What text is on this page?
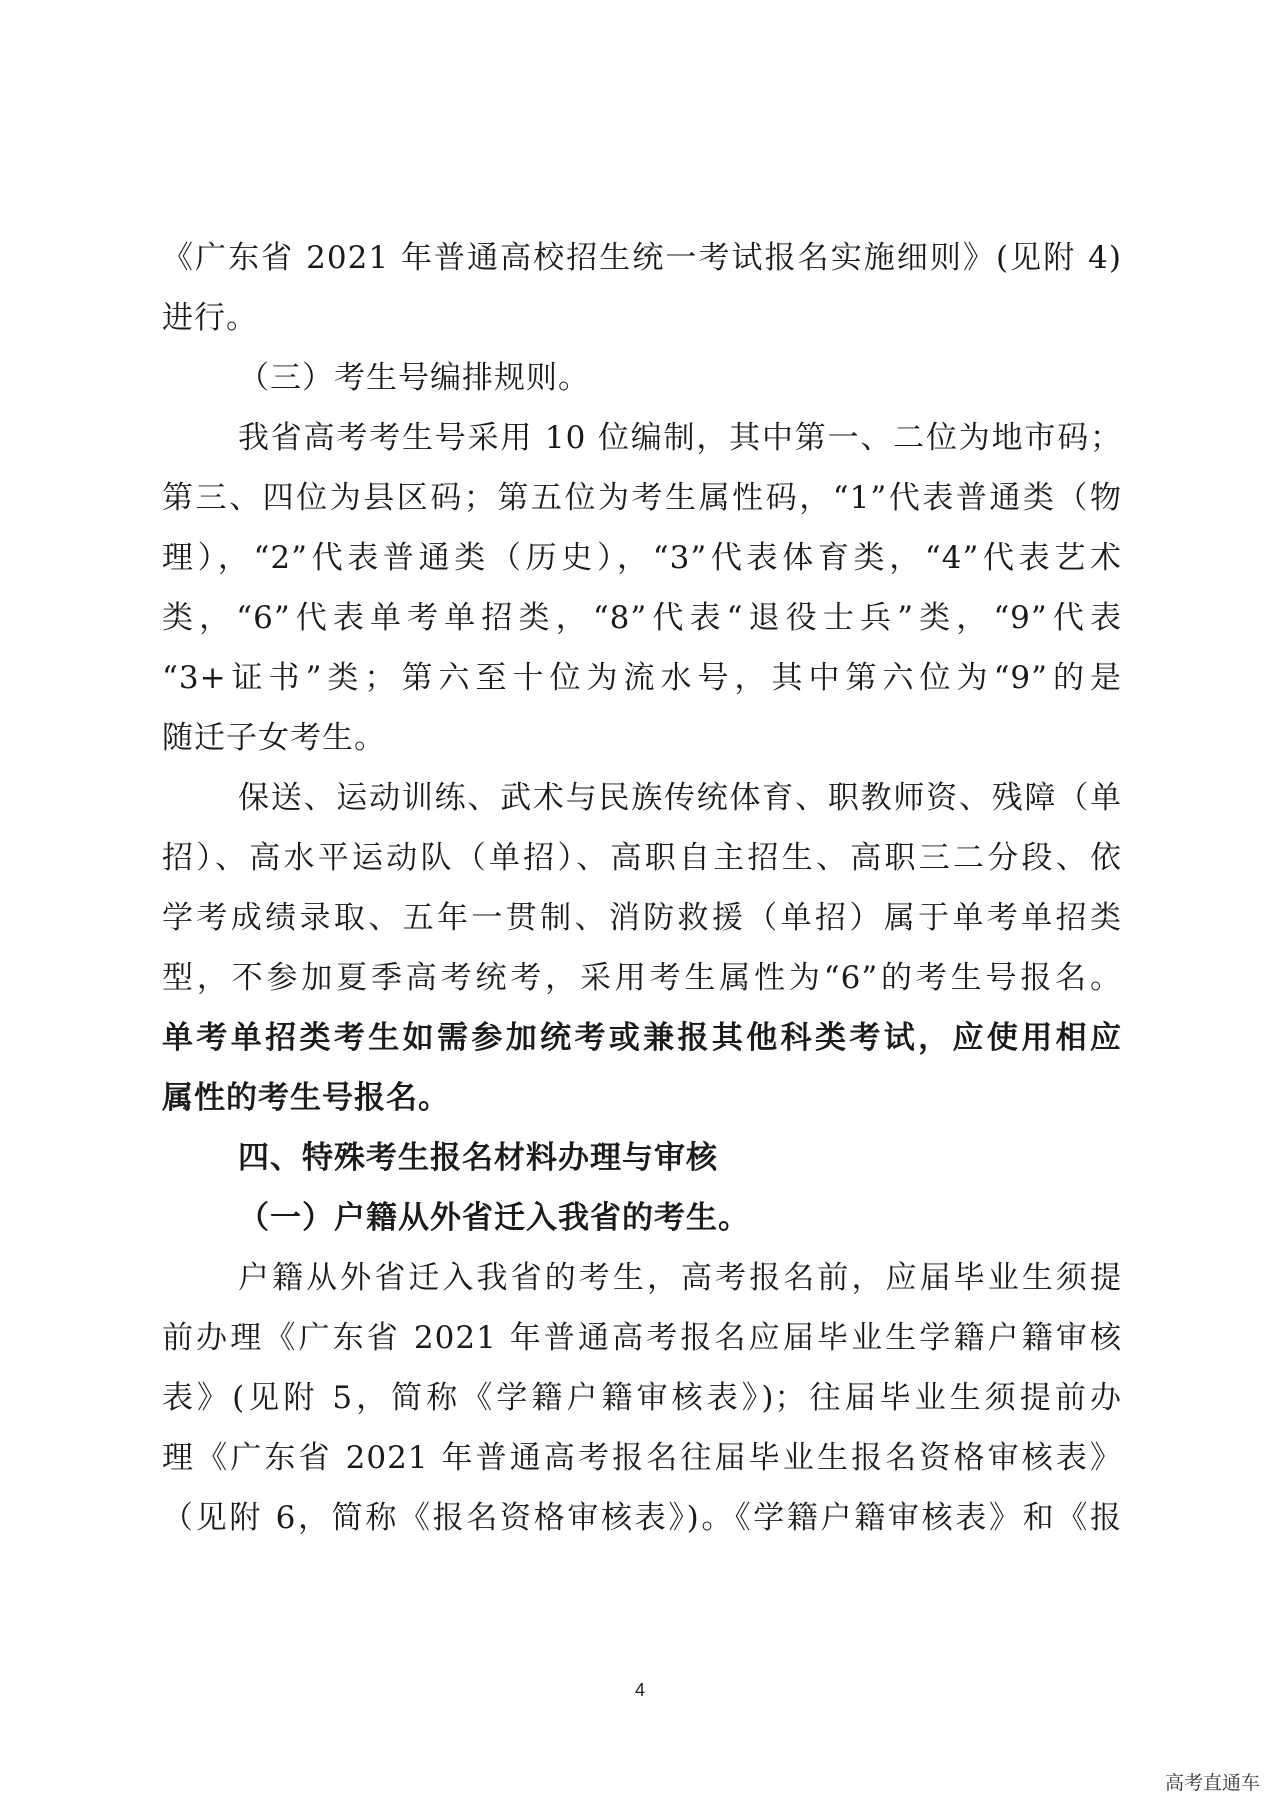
《广东省 2021 年普通高校招生统一考试报名实施细则》(见附 4)
进行。
（三）考生号编排规则。
我省高考考生号采用 10 位编制，其中第一、二位为地市码；
第三、四位为县区码；第五位为考生属性码，“1”代表普通类（物
理），“2”代表普通类（历史），“3”代表体育类，“4”代表艺术
类，“6”代表单考单招类，“8”代表“退役士兵”类，“9”代表
“3+证书”类；第六至十位为流水号，其中第六位为“9”的是
随迁子女考生。
保送、运动训练、武术与民族传统体育、职教师资、残障（单
招）、高水平运动队（单招）、高职自主招生、高职三二分段、依
学考成绩录取、五年一贯制、消防救援（单招）属于单考单招类
型，不参加夏季高考统考，采用考生属性为“6”的考生号报名。
单考单招类考生如需参加统考或兼报其他科类考试，应使用相应
属性的考生号报名。
四、特殊考生报名材料办理与审核
（一）户籍从外省迁入我省的考生。
户籍从外省迁入我省的考生，高考报名前，应届毕业生须提
前办理《广东省 2021 年普通高考报名应届毕业生学籍户籍审核
表》(见附 5，简称《学籍户籍审核表》)；往届毕业生须提前办
理《广东省 2021 年普通高考报名往届毕业生报名资格审核表》
（见附 6，简称《报名资格审核表》)。《学籍户籍审核表》和《报
4
高考直通车
